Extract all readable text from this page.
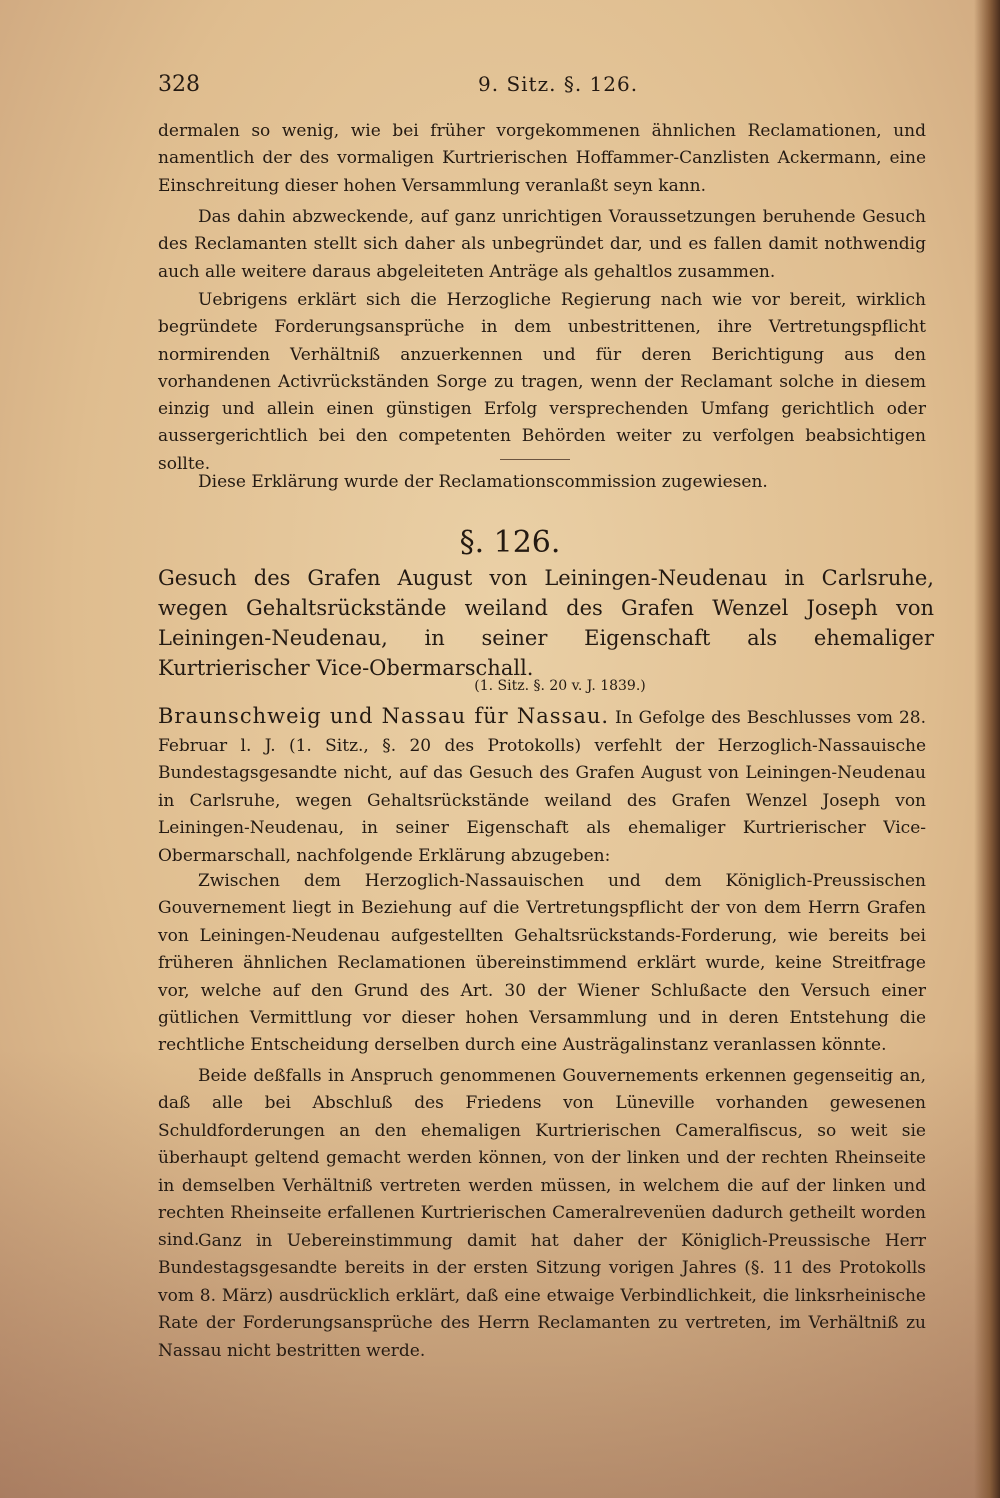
328	9. Sitz. §. 126.

dermalen so wenig, wie bei früher vorgekommenen ähnlichen Reclamationen, und namentlich der des vormaligen Kurtrierischen Hoffammer-Canzlisten Ackermann, eine Einschreitung dieser hohen Versammlung veranlaßt seyn kann.

Das dahin abzweckende, auf ganz unrichtigen Voraussetzungen beruhende Gesuch des Reclamanten stellt sich daher als unbegründet dar, und es fallen damit nothwendig auch alle weitere daraus abgeleiteten Anträge als gehaltlos zusammen.

Uebrigens erklärt sich die Herzogliche Regierung nach wie vor bereit, wirklich begründete Forderungsansprüche in dem unbestrittenen, ihre Vertretungspflicht normirenden Verhältniß anzuerkennen und für deren Berichtigung aus den vorhandenen Activrückständen Sorge zu tragen, wenn der Reclamant solche in diesem einzig und allein einen günstigen Erfolg versprechenden Umfang gerichtlich oder aussergerichtlich bei den competenten Behörden weiter zu verfolgen beabsichtigen sollte.

Diese Erklärung wurde der Reclamationscommission zugewiesen.

§. 126.

Gesuch des Grafen August von Leiningen-Neudenau in Carlsruhe, wegen Gehaltsrückstände weiland des Grafen Wenzel Joseph von Leiningen-Neudenau, in seiner Eigenschaft als ehemaliger Kurtrierischer Vice-Obermarschall.

(1. Sitz. §. 20 v. J. 1839.)

Braunschweig und Nassau für Nassau. In Gefolge des Beschlusses vom 28. Februar l. J. (1. Sitz., §. 20 des Protokolls) verfehlt der Herzoglich-Nassauische Bundestagsgesandte nicht, auf das Gesuch des Grafen August von Leiningen-Neudenau in Carlsruhe, wegen Gehaltsrückstände weiland des Grafen Wenzel Joseph von Leiningen-Neudenau, in seiner Eigenschaft als ehemaliger Kurtrierischer Vice-Obermarschall, nachfolgende Erklärung abzugeben:

Zwischen dem Herzoglich-Nassauischen und dem Königlich-Preussischen Gouvernement liegt in Beziehung auf die Vertretungspflicht der von dem Herrn Grafen von Leiningen-Neudenau aufgestellten Gehaltsrückstands-Forderung, wie bereits bei früheren ähnlichen Reclamationen übereinstimmend erklärt wurde, keine Streitfrage vor, welche auf den Grund des Art. 30 der Wiener Schlußacte den Versuch einer gütlichen Vermittlung vor dieser hohen Versammlung und in deren Entstehung die rechtliche Entscheidung derselben durch eine Austrägalinstanz veranlassen könnte.

Beide deßfalls in Anspruch genommenen Gouvernements erkennen gegenseitig an, daß alle bei Abschluß des Friedens von Lüneville vorhanden gewesenen Schuldforderungen an den ehemaligen Kurtrierischen Cameralfiscus, so weit sie überhaupt geltend gemacht werden können, von der linken und der rechten Rheinseite in demselben Verhältniß vertreten werden müssen, in welchem die auf der linken und rechten Rheinseite erfallenen Kurtrierischen Cameralrevenüen dadurch getheilt worden sind.

Ganz in Uebereinstimmung damit hat daher der Königlich-Preussische Herr Bundestagsgesandte bereits in der ersten Sitzung vorigen Jahres (§. 11 des Protokolls vom 8. März) ausdrücklich erklärt, daß eine etwaige Verbindlichkeit, die linksrheinische Rate der Forderungsansprüche des Herrn Reclamanten zu vertreten, im Verhältniß zu Nassau nicht bestritten werde.
